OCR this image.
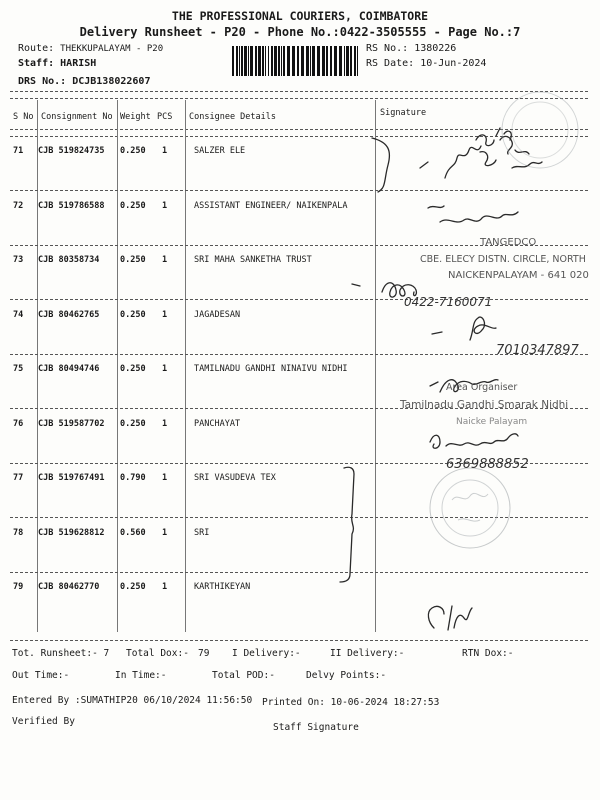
THE PROFESSIONAL COURIERS, COIMBATORE
Delivery Runsheet - P20 - Phone No.:0422-3505555 - Page No.:7
Route: THEKKUPALAYAM - P20
Staff: HARISH
DRS No.: DCJB138022607
RS No.: 1380226
RS Date: 10-Jun-2024
S No Consignment No Weight PCS Consignee Details	Signature
71 CJB 519824735 0.250 1	SALZER ELE
72 CJB 519786588 0.250 1	ASSISTANT ENGINEER/ NAIKENPALA
73 CJB 80358734 0.250 1	SRI MAHA SANKETHA TRUST
74 CJB 80462765 0.250 1	JAGADESAN
75 CJB 80494746 0.250 1	TAMILNADU GANDHI NINAIVU NIDHI
76 CJB 519587702 0.250 1	PANCHAYAT
77 CJB 519767491 0.790 1	SRI VASUDEVA TEX
78 CJB 519628812 0.560 1	SRI
79 CJB 80462770 0.250 1	KARTHIKEYAN
TANGEDCO
CBE. ELECY DISTN. CIRCLE, NORTH
NAICKENPALAYAM - 641 020
0422-7160071
7010347897
Area Organiser
Tamilnadu Gandhi Smarak Nidhi
Naicke Palayam
6369888852
Tot. Runsheet:- 7 Total Dox:- 79 I Delivery:-	II Delivery:-	RTN Dox:-
Out Time:-	In Time:-	Total POD:-	Delvy Points:-
Entered By :SUMATHIP20 06/10/2024 11:56:50 Printed On: 10-06-2024 18:27:53
Verified By
Staff Signature
